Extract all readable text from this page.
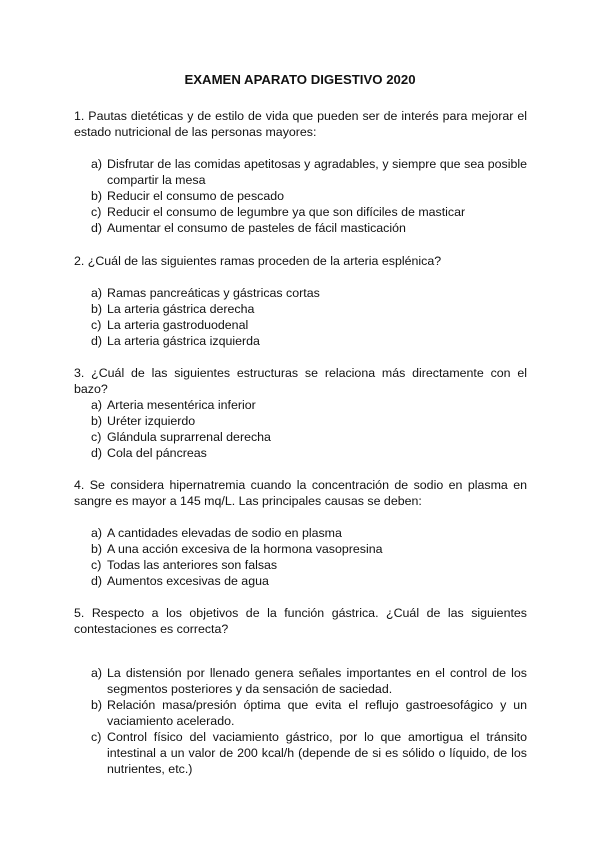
EXAMEN APARATO DIGESTIVO 2020
1. Pautas dietéticas y de estilo de vida que pueden ser de interés para mejorar el estado nutricional de las personas mayores:
a) Disfrutar de las comidas apetitosas y agradables, y siempre que sea posible compartir la mesa
b) Reducir el consumo de pescado
c) Reducir el consumo de legumbre ya que son difíciles de masticar
d) Aumentar el consumo de pasteles de fácil masticación
2. ¿Cuál de las siguientes ramas proceden de la arteria esplénica?
a) Ramas pancreáticas y gástricas cortas
b) La arteria gástrica derecha
c) La arteria gastroduodenal
d) La arteria gástrica izquierda
3. ¿Cuál de las siguientes estructuras se relaciona más directamente con el bazo?
a) Arteria mesentérica inferior
b) Uréter izquierdo
c) Glándula suprarrenal derecha
d) Cola del páncreas
4. Se considera hipernatremia cuando la concentración de sodio en plasma en sangre es mayor a 145 mq/L. Las principales causas se deben:
a) A cantidades elevadas de sodio en plasma
b) A una acción excesiva de la hormona vasopresina
c) Todas las anteriores son falsas
d) Aumentos excesivas de agua
5. Respecto a los objetivos de la función gástrica. ¿Cuál de las siguientes contestaciones es correcta?
a) La distensión por llenado genera señales importantes en el control de los segmentos posteriores y da sensación de saciedad.
b) Relación masa/presión óptima que evita el reflujo gastroesofágico y un vaciamiento acelerado.
c) Control físico del vaciamiento gástrico, por lo que amortigua el tránsito intestinal a un valor de 200 kcal/h (depende de si es sólido o líquido, de los nutrientes, etc.)
